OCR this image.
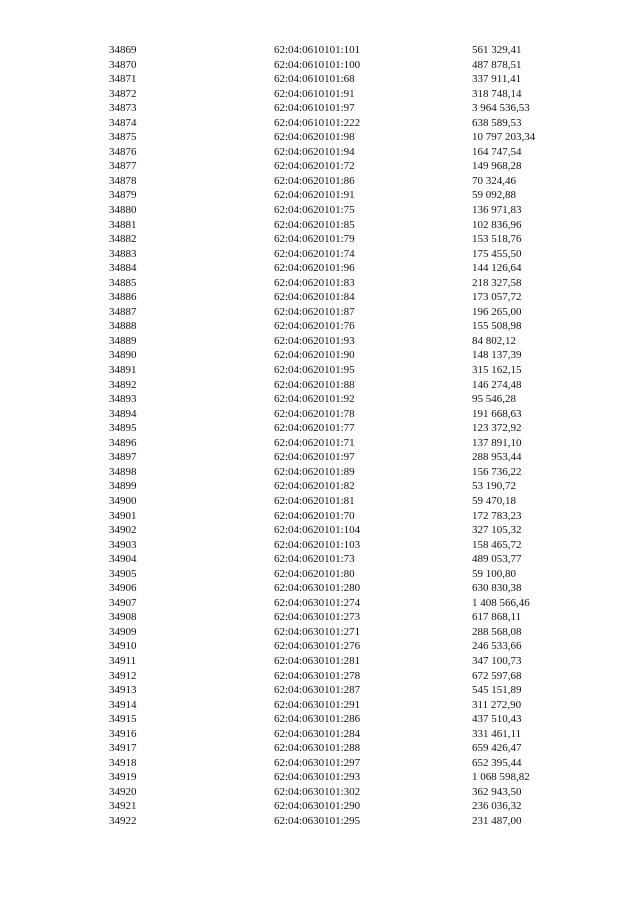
34869	62:04:0610101:101	561 329,41
34870	62:04:0610101:100	487 878,51
34871	62:04:0610101:68	337 911,41
34872	62:04:0610101:91	318 748,14
34873	62:04:0610101:97	3 964 536,53
34874	62:04:0610101:222	638 589,53
34875	62:04:0620101:98	10 797 203,34
34876	62:04:0620101:94	164 747,54
34877	62:04:0620101:72	149 968,28
34878	62:04:0620101:86	70 324,46
34879	62:04:0620101:91	59 092,88
34880	62:04:0620101:75	136 971,83
34881	62:04:0620101:85	102 836,96
34882	62:04:0620101:79	153 518,76
34883	62:04:0620101:74	175 455,50
34884	62:04:0620101:96	144 126,64
34885	62:04:0620101:83	218 327,58
34886	62:04:0620101:84	173 057,72
34887	62:04:0620101:87	196 265,00
34888	62:04:0620101:76	155 508,98
34889	62:04:0620101:93	84 802,12
34890	62:04:0620101:90	148 137,39
34891	62:04:0620101:95	315 162,15
34892	62:04:0620101:88	146 274,48
34893	62:04:0620101:92	95 546,28
34894	62:04:0620101:78	191 668,63
34895	62:04:0620101:77	123 372,92
34896	62:04:0620101:71	137 891,10
34897	62:04:0620101:97	288 953,44
34898	62:04:0620101:89	156 736,22
34899	62:04:0620101:82	53 190,72
34900	62:04:0620101:81	59 470,18
34901	62:04:0620101:70	172 783,23
34902	62:04:0620101:104	327 105,32
34903	62:04:0620101:103	158 465,72
34904	62:04:0620101:73	489 053,77
34905	62:04:0620101:80	59 100,80
34906	62:04:0630101:280	630 830,38
34907	62:04:0630101:274	1 408 566,46
34908	62:04:0630101:273	617 868,11
34909	62:04:0630101:271	288 568,08
34910	62:04:0630101:276	246 533,66
34911	62:04:0630101:281	347 100,73
34912	62:04:0630101:278	672 597,68
34913	62:04:0630101:287	545 151,89
34914	62:04:0630101:291	311 272,90
34915	62:04:0630101:286	437 510,43
34916	62:04:0630101:284	331 461,11
34917	62:04:0630101:288	659 426,47
34918	62:04:0630101:297	652 395,44
34919	62:04:0630101:293	1 068 598,82
34920	62:04:0630101:302	362 943,50
34921	62:04:0630101:290	236 036,32
34922	62:04:0630101:295	231 487,00
